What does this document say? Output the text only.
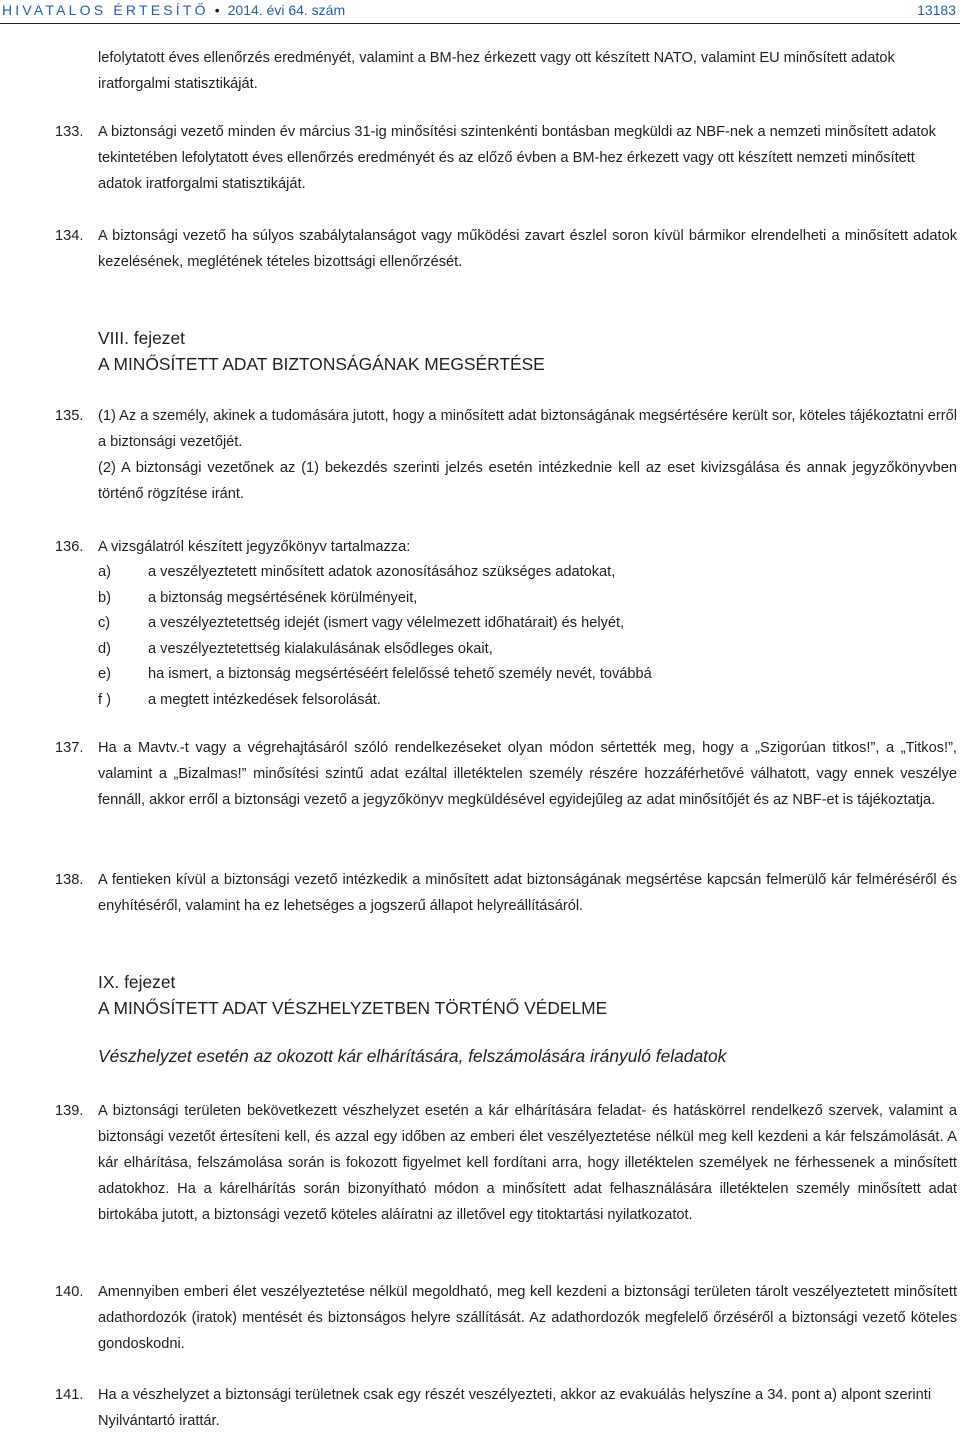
HIVATALOS ÉRTESÍTŐ • 2014. évi 64. szám	13183
lefolytatott éves ellenőrzés eredményét, valamint a BM-hez érkezett vagy ott készített NATO, valamint EU minősített adatok iratforgalmi statisztikáját.
133. A biztonsági vezető minden év március 31-ig minősítési szintenkénti bontásban megküldi az NBF-nek a nemzeti minősített adatok tekintetében lefolytatott éves ellenőrzés eredményét és az előző évben a BM-hez érkezett vagy ott készített nemzeti minősített adatok iratforgalmi statisztikáját.
134. A biztonsági vezető ha súlyos szabálytalanságot vagy működési zavart észlel soron kívül bármikor elrendelheti a minősített adatok kezelésének, meglétének tételes bizottsági ellenőrzését.
VIII. fejezet
A MINŐSÍTETT ADAT BIZTONSÁGÁNAK MEGSÉRTÉSE
135. (1) Az a személy, akinek a tudomására jutott, hogy a minősített adat biztonságának megsértésére került sor, köteles tájékoztatni erről a biztonsági vezetőjét.
(2) A biztonsági vezetőnek az (1) bekezdés szerinti jelzés esetén intézkednie kell az eset kivizsgálása és annak jegyzőkönyvben történő rögzítése iránt.
136. A vizsgálatról készített jegyzőkönyv tartalmazza:
a)	a veszélyeztetett minősített adatok azonosításához szükséges adatokat,
b)	a biztonság megsértésének körülményeit,
c)	a veszélyeztetettség idejét (ismert vagy vélelmezett időhatárait) és helyét,
d)	a veszélyeztetettség kialakulásának elsődleges okait,
e)	ha ismert, a biztonság megsértéséért felelőssé tehető személy nevét, továbbá
f )	a megtett intézkedések felsorolását.
137. Ha a Mavtv.-t vagy a végrehajtásáról szóló rendelkezéseket olyan módon sértették meg, hogy a „Szigorúan titkos!”, a „Titkos!”, valamint a „Bizalmas!” minősítési szintű adat ezáltal illetéktelen személy részére hozzáférhetővé válhatott, vagy ennek veszélye fennáll, akkor erről a biztonsági vezető a jegyzőkönyv megküldésével egyidejűleg az adat minősítőjét és az NBF-et is tájékoztatja.
138. A fentieken kívül a biztonsági vezető intézkedik a minősített adat biztonságának megsértése kapcsán felmerülő kár felméréséről és enyhítéséről, valamint ha ez lehetséges a jogszerű állapot helyreállításáról.
IX. fejezet
A MINŐSÍTETT ADAT VÉSZHELYZETBEN TÖRTÉNŐ VÉDELME
Vészhelyzet esetén az okozott kár elhárítására, felszámolására irányuló feladatok
139. A biztonsági területen bekövetkezett vészhelyzet esetén a kár elhárítására feladat- és hatáskörrel rendelkező szervek, valamint a biztonsági vezetőt értesíteni kell, és azzal egy időben az emberi élet veszélyeztetése nélkül meg kell kezdeni a kár felszámolását. A kár elhárítása, felszámolása során is fokozott figyelmet kell fordítani arra, hogy illetéktelen személyek ne férhessenek a minősített adatokhoz. Ha a kárelhárítás során bizonyítható módon a minősített adat felhasználására illetéktelen személy minősített adat birtokába jutott, a biztonsági vezető köteles aláíratni az illetővel egy titoktartási nyilatkozatot.
140. Amennyiben emberi élet veszélyeztetése nélkül megoldható, meg kell kezdeni a biztonsági területen tárolt veszélyeztetett minősített adathordozók (iratok) mentését és biztonságos helyre szállítását. Az adathordozók megfelelő őrzéséről a biztonsági vezető köteles gondoskodni.
141. Ha a vészhelyzet a biztonsági területnek csak egy részét veszélyezteti, akkor az evakuálás helyszíne a 34. pont a) alpont szerinti Nyilvántartó irattár.
